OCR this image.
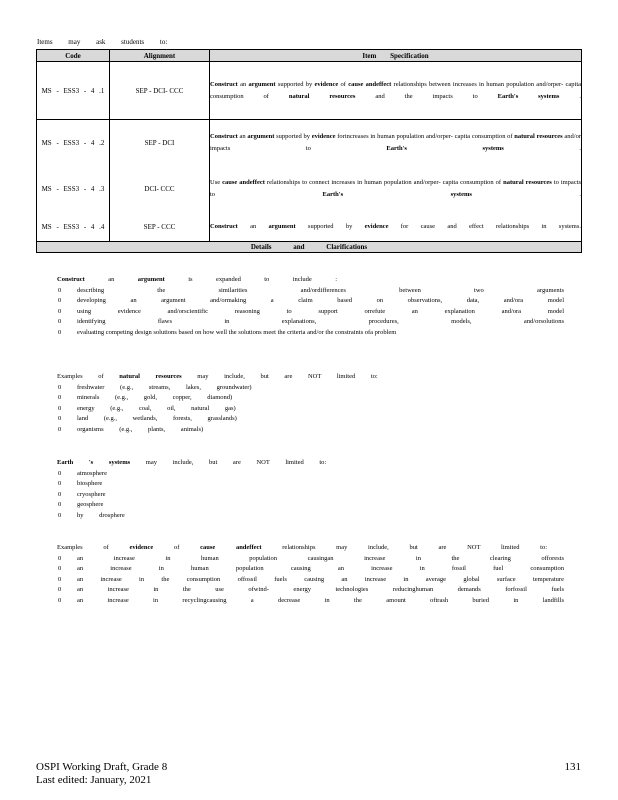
Items may ask students to:
Code	Alignment	Item Specification
MS - ESS3 - 4 .1	SEP - DCI- CCC	Construct an argument supported by evidence of cause andeffect relationships between increases in human population and/orper- capita consumption of natural resources and the impacts to Earth's systems .
MS - ESS3 - 4 .2	SEP - DCI	Construct an argument supported by evidence forincreases in human population and/orper- capita consumption of natural resources and/or impacts to Earth's systems .
MS - ESS3 - 4 .3	DCI- CCC	Use cause andeffect relationships to connect increases in human population and/orper- capita consumption of natural resources to impacts to Earth's systems .
MS - ESS3 - 4 .4	SEP - CCC	Construct an argument supported by evidence for cause and effect relationships in systems.
Details and Clarifications		
Construct an argument is expanded to include :
0	describing the similarities and/ordifferences between two arguments
0	developing an argument and/ormaking a claim based on observations, data, and/ora model
0	using evidence and/orscientific reasoning to support orrefute an explanation and/ora model
0	identifying flaws in explanations, procedures, models, and/orsolutions
0	evaluating competing design solutions based on how well the solutions meet the criteria and/or the constraints ofa problem
Examples of natural resources may include, but are NOT limited to:
0	freshwater (e.g., streams, lakes, groundwater)
0	minerals (e.g., gold, copper, diamond)
0	energy (e.g., coal, oil, natural gas)
0	land (e.g., wetlands, forests, grasslands)
0	organisms (e.g., plants, animals)
Earth 's systems may include, but are NOT limited to:
0	atmosphere
0	biosphere
0	cryosphere
0	geosphere
0	hy drosphere
Examples of evidence of cause	andeffect relationships may include, but are NOT limited to:
0	an increase in human population causingan increase in the clearing offorests
0	an increase in human population causing an increase in fossil fuel consumption
0	an increase in the consumption offossil fuels causing an increase in average global surface temperature
0	an increase in the use ofwind- energy technologies reducinghuman demands forfossil fuels
0	an increase in recyclingcausing a decrease in the amount oftrash buried in landfills
OSPI Working Draft, Grade 8
Last edited: January, 2021
131
